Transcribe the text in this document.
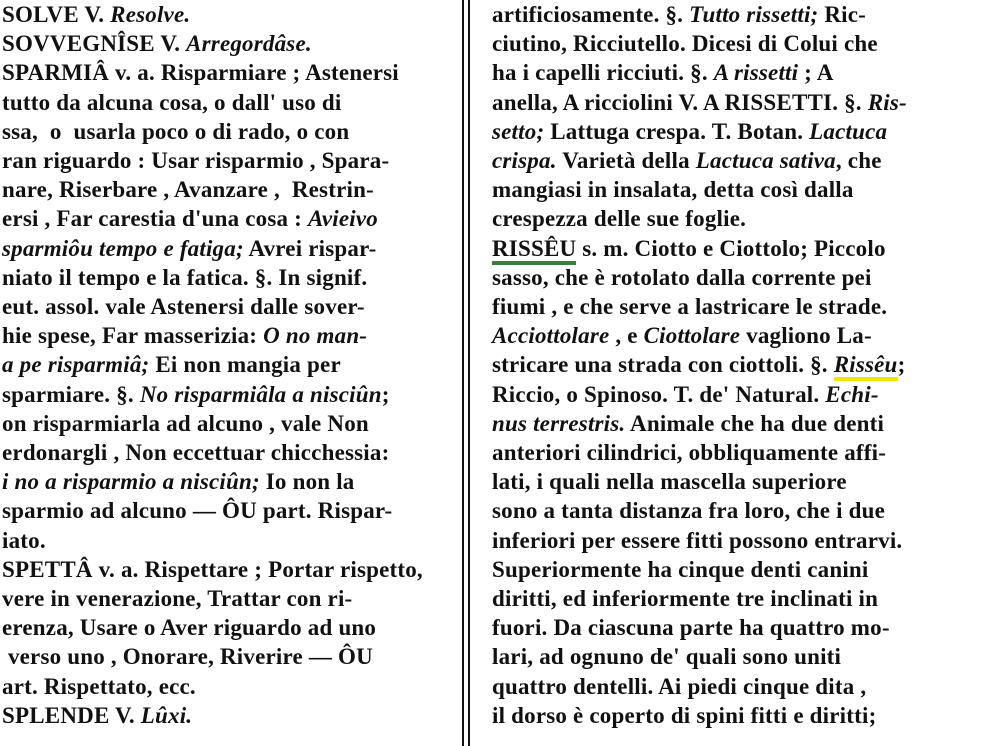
SOLVE V. Resolve.
SOVVEGNÎSE V. Arregordâse.
SPARMIÂ v. a. Risparmiare ; Astenersi
tutto da alcuna cosa, o dall' uso di
ssa,  o  usarla poco o di rado, o con
ran riguardo : Usar risparmio , Spara-
nare, Riserbare , Avanzare ,  Restrin-
ersi , Far carestia d'una cosa : Avieivo
sparmiôu tempo e fatiga; Avrei rispar-
niato il tempo e la fatica. §. In signif.
eut. assol. vale Astenersi dalle sover-
hie spese, Far masserizia: O no man-
a pe risparmiâ; Ei non mangia per
sparmiare. §. No risparmiâla a nisciûn;
on risparmiarla ad alcuno , vale Non
erdonargli , Non eccettuar chicchessia:
i no a risparmio a nisciûn; Io non la
sparmio ad alcuno — ÔU part. Rispar-
iato.
SPETTÂ v. a. Rispettare ; Portar rispetto,
vere in venerazione, Trattar con ri-
erenza, Usare o Aver riguardo ad uno
verso uno , Onorare, Riverire — ÔU
art. Rispettato, ecc.
SPLENDE V. Lûxi.
artificiosamente. §. Tutto rissetti; Ric-
ciutino, Ricciutello. Dicesi di Colui che
ha i capelli ricciuti. §. A rissetti ; A
anella, A ricciolini V. A RISSETTI. §. Ris-
setto; Lattuga crespa. T. Botan. Lactuca
crispa. Varietà della Lactuca sativa, che
mangiasi in insalata, detta così dalla
crespezza delle sue foglie.
RISSÊU s. m. Ciotto e Ciottolo; Piccolo
sasso, che è rotolato dalla corrente pei
fiumi , e che serve a lastricare le strade.
Acciottolare , e Ciottolare vagliono La-
stricare una strada con ciottoli. §. Rissêu;
Riccio, o Spinoso. T. de' Natural. Echi-
nus terrestris. Animale che ha due denti
anteriori cilindrici, obbliquamente affi-
lati, i quali nella mascella superiore
sono a tanta distanza fra loro, che i due
inferiori per essere fitti possono entrarvi.
Superiormente ha cinque denti canini
diritti, ed inferiormente tre inclinati in
fuori. Da ciascuna parte ha quattro mo-
lari, ad ognuno de' quali sono uniti
quattro dentelli. Ai piedi cinque dita ,
il dorso è coperto di spini fitti e diritti;
